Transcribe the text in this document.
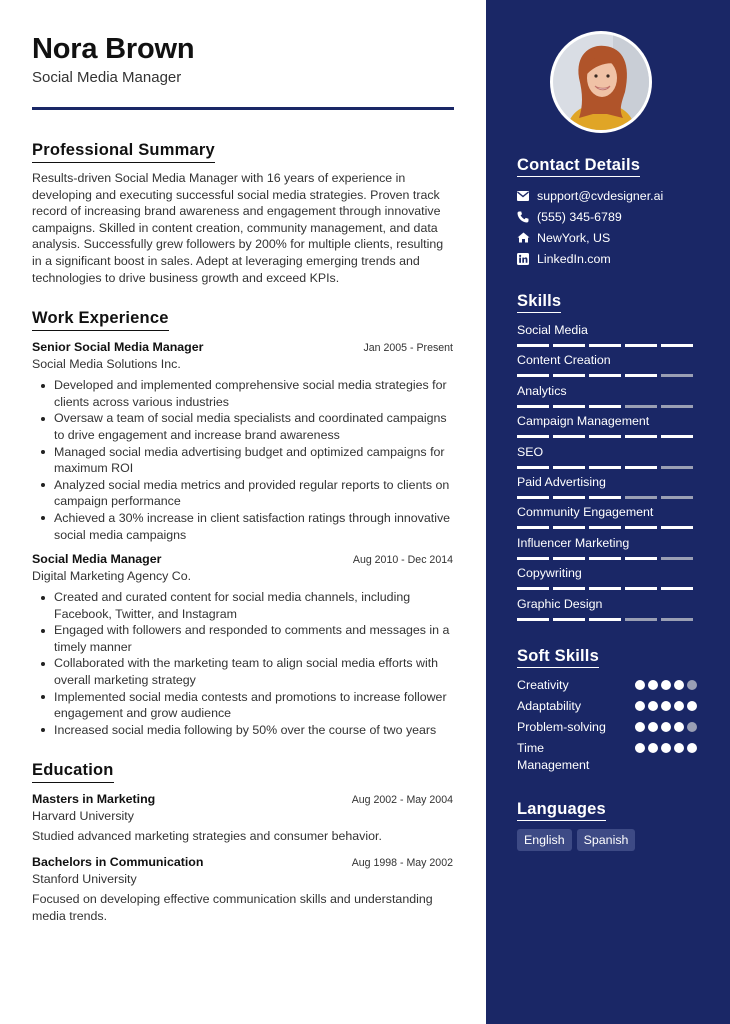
Nora Brown
Social Media Manager
Professional Summary
Results-driven Social Media Manager with 16 years of experience in developing and executing successful social media strategies. Proven track record of increasing brand awareness and engagement through innovative campaigns. Skilled in content creation, community management, and data analysis. Successfully grew followers by 200% for multiple clients, resulting in a significant boost in sales. Adept at leveraging emerging trends and technologies to drive business growth and exceed KPIs.
Work Experience
Senior Social Media Manager	Jan 2005 - Present
Social Media Solutions Inc.
Developed and implemented comprehensive social media strategies for clients across various industries
Oversaw a team of social media specialists and coordinated campaigns to drive engagement and increase brand awareness
Managed social media advertising budget and optimized campaigns for maximum ROI
Analyzed social media metrics and provided regular reports to clients on campaign performance
Achieved a 30% increase in client satisfaction ratings through innovative social media campaigns
Social Media Manager	Aug 2010 - Dec 2014
Digital Marketing Agency Co.
Created and curated content for social media channels, including Facebook, Twitter, and Instagram
Engaged with followers and responded to comments and messages in a timely manner
Collaborated with the marketing team to align social media efforts with overall marketing strategy
Implemented social media contests and promotions to increase follower engagement and grow audience
Increased social media following by 50% over the course of two years
Education
Masters in Marketing	Aug 2002 - May 2004
Harvard University
Studied advanced marketing strategies and consumer behavior.
Bachelors in Communication	Aug 1998 - May 2002
Stanford University
Focused on developing effective communication skills and understanding media trends.
Contact Details
support@cvdesigner.ai
(555) 345-6789
NewYork, US
LinkedIn.com
Skills
Social Media
Content Creation
Analytics
Campaign Management
SEO
Paid Advertising
Community Engagement
Influencer Marketing
Copywriting
Graphic Design
Soft Skills
Creativity
Adaptability
Problem-solving
Time Management
Languages
English	Spanish
